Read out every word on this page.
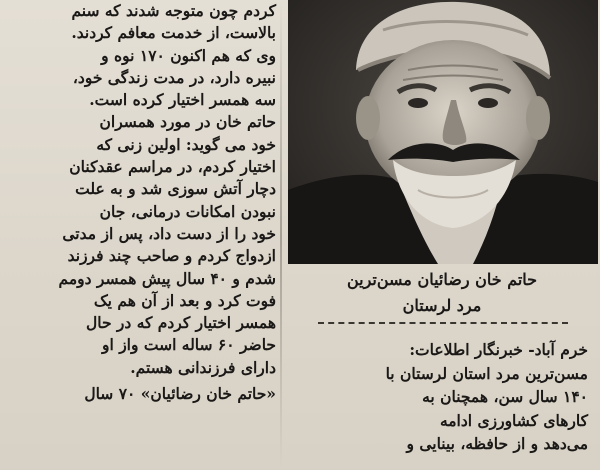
کردم چون متوجه شدند که سنم
بالاست، از خدمت معافم کردند.
وی که هم اکنون ۱۷۰ نوه و
نبیره دارد، در مدت زندگی خود،
سه همسر اختیار کرده است.

حاتم خان در مورد همسران
خود می گوید: اولین زنی که
اختیار کردم، در مراسم عقدکنان
دچار آتش سوزی شد و به علت
نبودن امکانات درمانی، جان
خود را از دست داد، پس از مدتی
ازدواج کردم و صاحب چند فرزند
شدم و ۴۰ سال پیش همسر دومم
فوت کرد و بعد از آن هم یک
همسر اختیار کردم که در حال
حاضر ۶۰ ساله است واز او
دارای فرزندانی هستم.

«حاتم خان رضائیان» ۷۰ سال

حاتم خان رضائیان مسن‌ترین
مرد لرستان

خرم آباد- خبرنگار اطلاعات:
مسن‌ترین مرد استان لرستان با
۱۴۰ سال سن، همچنان به
کارهای کشاورزی ادامه
می‌دهد و از حافظه، بینایی و
